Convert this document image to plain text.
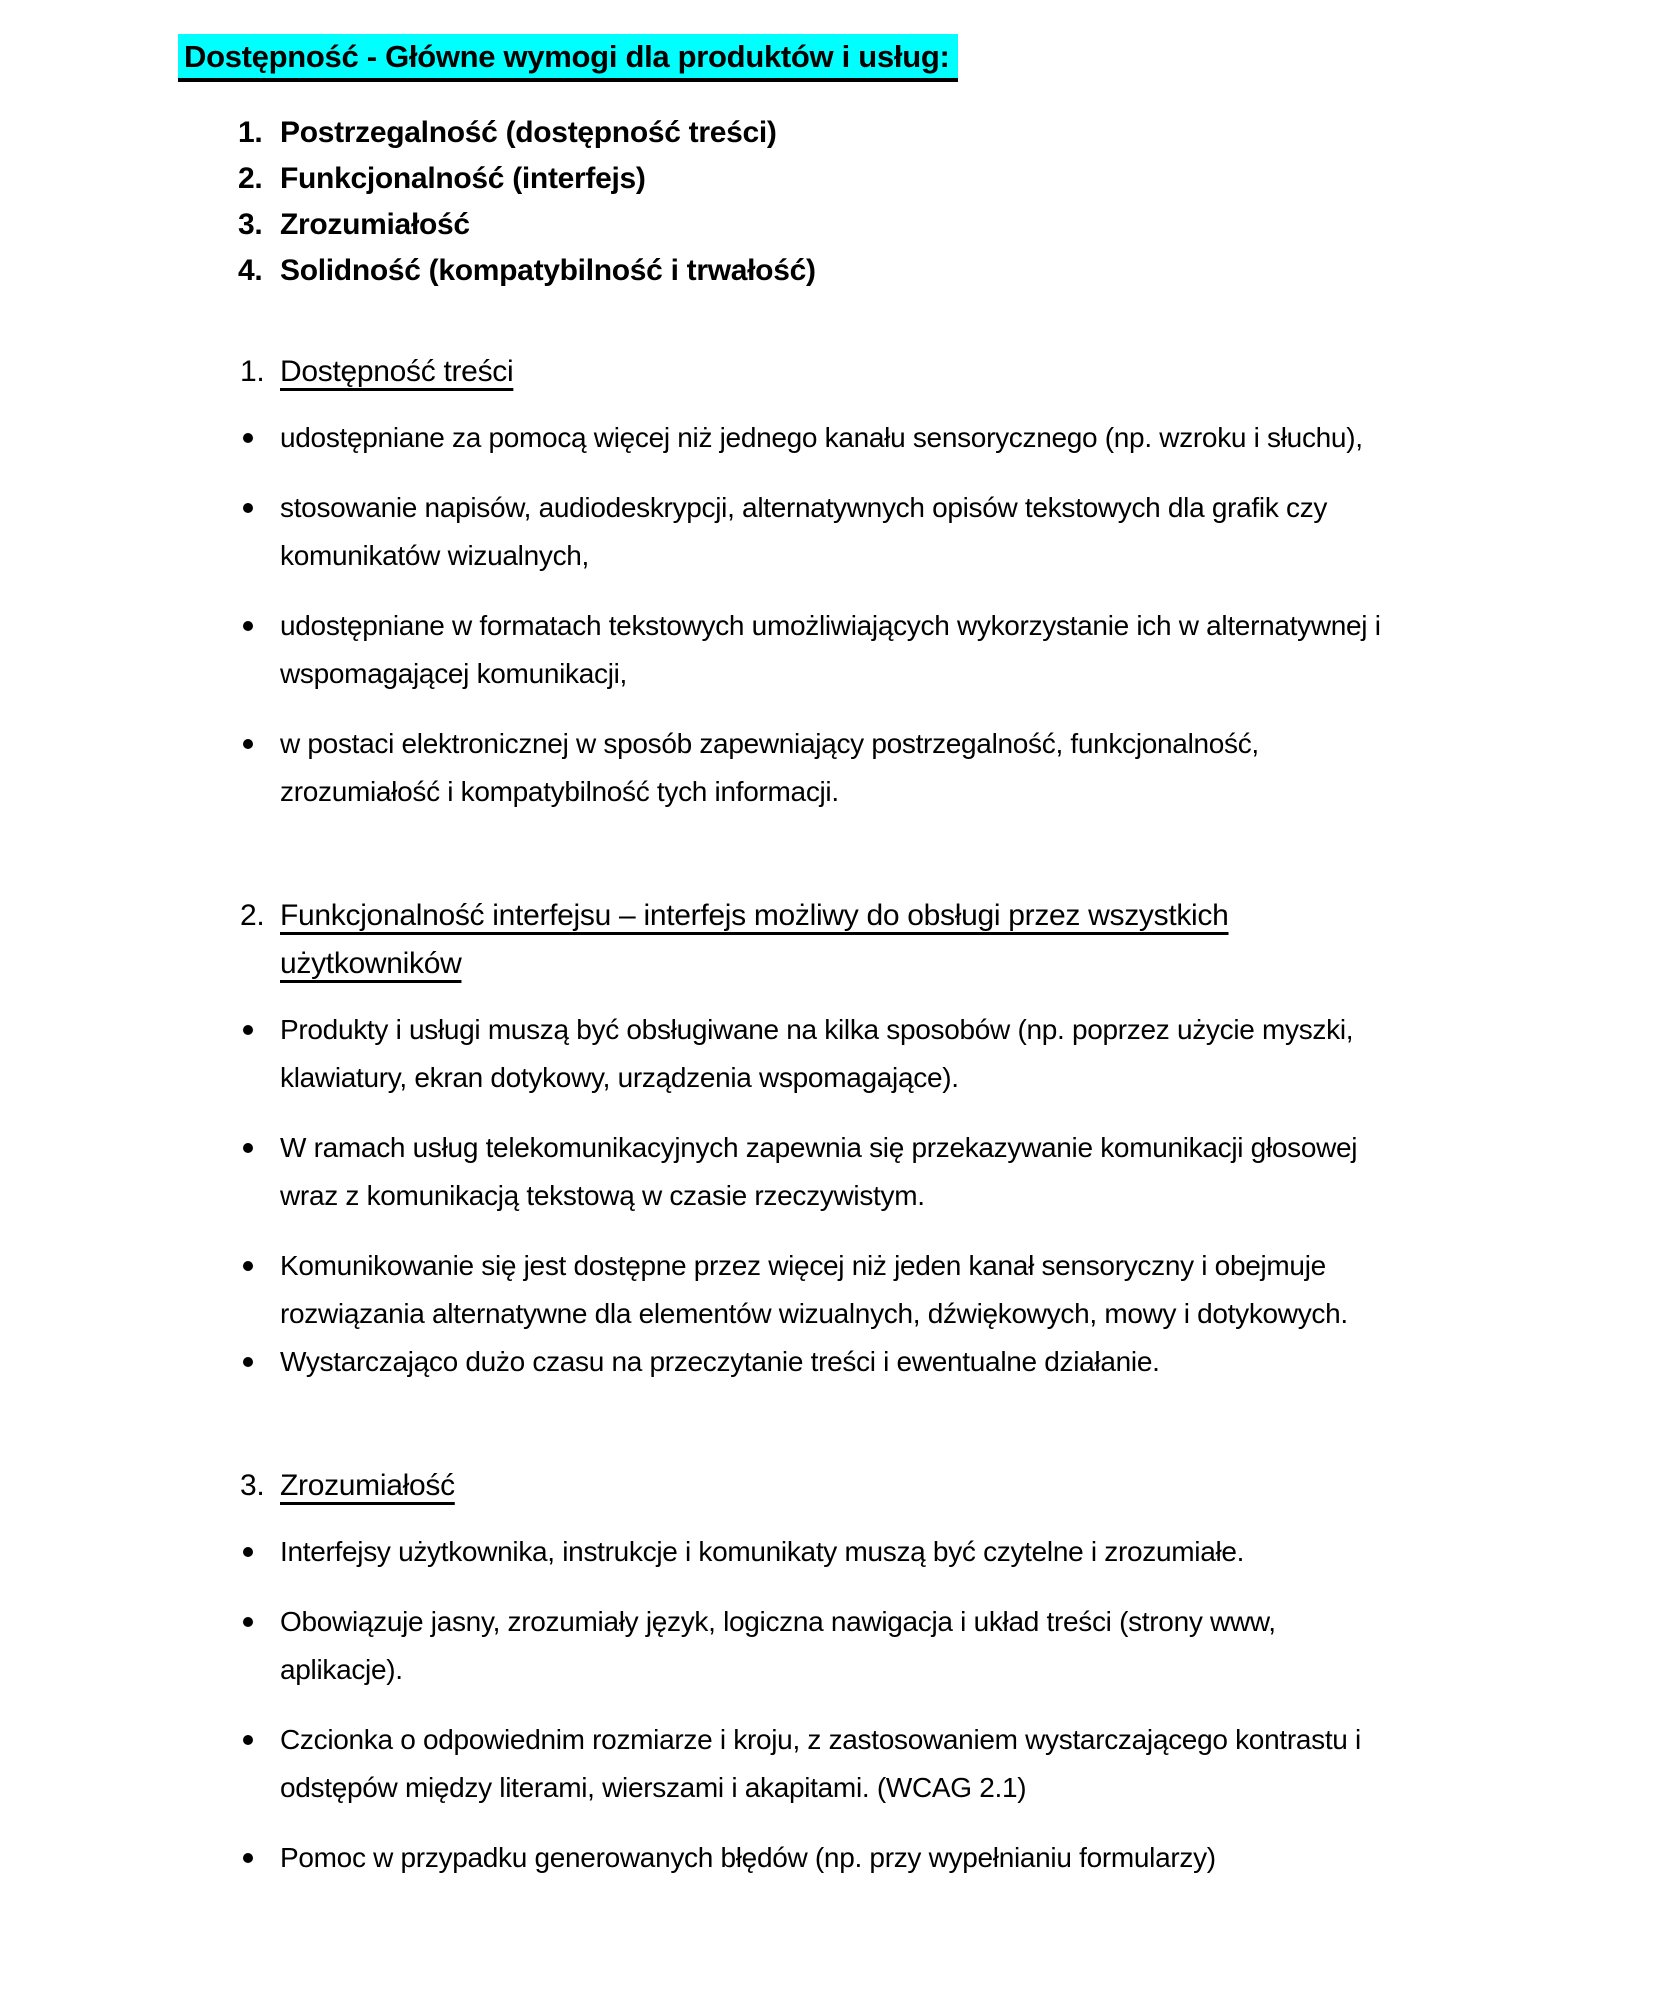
Dostępność - Główne wymogi dla produktów i usług:
1. Postrzegalność (dostępność treści)
2. Funkcjonalność (interfejs)
3. Zrozumiałość
4. Solidność (kompatybilność i trwałość)
1. Dostępność treści
udostępniane za pomocą więcej niż jednego kanału sensorycznego (np. wzroku i słuchu),
stosowanie napisów, audiodeskrypcji, alternatywnych opisów tekstowych dla grafik czy komunikatów wizualnych,
udostępniane w formatach tekstowych umożliwiających wykorzystanie ich w alternatywnej i wspomagającej komunikacji,
w postaci elektronicznej w sposób zapewniający postrzegalność, funkcjonalność, zrozumiałość i kompatybilność tych informacji.
2. Funkcjonalność interfejsu – interfejs możliwy do obsługi przez wszystkich użytkowników
Produkty i usługi muszą być obsługiwane na kilka sposobów (np. poprzez użycie myszki, klawiatury, ekran dotykowy, urządzenia wspomagające).
W ramach usług telekomunikacyjnych zapewnia się przekazywanie komunikacji głosowej wraz z komunikacją tekstową w czasie rzeczywistym.
Komunikowanie się jest dostępne przez więcej niż jeden kanał sensoryczny i obejmuje rozwiązania alternatywne dla elementów wizualnych, dźwiękowych, mowy i dotykowych.
Wystarczająco dużo czasu na przeczytanie treści i ewentualne działanie.
3. Zrozumiałość
Interfejsy użytkownika, instrukcje i komunikaty muszą być czytelne i zrozumiałe.
Obowiązuje jasny, zrozumiały język, logiczna nawigacja i układ treści (strony www, aplikacje).
Czcionka o odpowiednim rozmiarze i kroju, z zastosowaniem wystarczającego kontrastu i odstępów między literami, wierszami i akapitami. (WCAG 2.1)
Pomoc w przypadku generowanych błędów (np. przy wypełnianiu formularzy)
